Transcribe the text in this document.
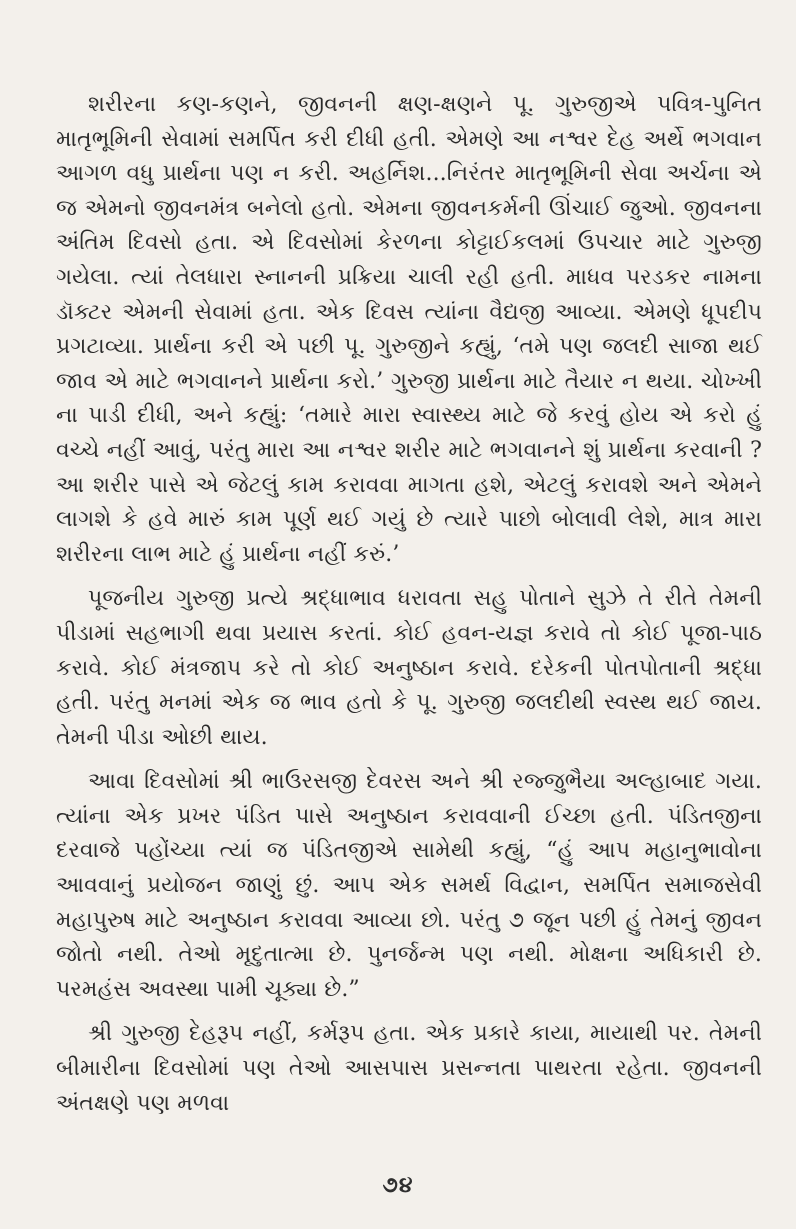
શરીરના કણ-કણને, જીવનની ક્ષણ-ક્ષણને પૂ. ગુરુજીએ પવિત્ર-પુનિત માતૃભૂમિની સેવામાં સમર્પિત કરી દીધી હતી. એમણે આ નશ્વર દેહ અર્થે ભગવાન આગળ વધુ પ્રાર્થના પણ ન કરી. અહર્નિશ...નિરંતર માતૃભૂમિની સેવા અર્ચના એ જ એમનો જીવનમંત્ર બનેલો હતો. એમના જીવનકર્મની ઊંચાઈ જુઓ. જીવનના અંતિમ દિવસો હતા. એ દિવસોમાં કેરળના કોટ્ટાઈકલમાં ઉપચાર માટે ગુરુજી ગયેલા. ત્યાં તેલધારા સ્નાનની પ્રક્રિયા ચાલી રહી હતી. માધવ પરડકર નામના ડૉક્ટર એમની સેવામાં હતા. એક દિવસ ત્યાંના વૈદ્યજી આવ્યા. એમણે ધૂપદીપ પ્રગટાવ્યા. પ્રાર્થના કરી એ પછી પૂ. ગુરુજીને કહ્યું, ‘તમે પણ જલદી સાજા થઈ જાવ એ માટે ભગવાનને પ્રાર્થના કરો.’ ગુરુજી પ્રાર્થના માટે તૈયાર ન થયા. ચોખ્ખી ના પાડી દીધી, અને કહ્યું: ‘તમારે મારા સ્વાસ્થ્ય માટે જે કરવું હોય એ કરો હું વચ્ચે નહીં આવું, પરંતુ મારા આ નશ્વર શરીર માટે ભગવાનને શું પ્રાર્થના કરવાની ? આ શરીર પાસે એ જેટલું કામ કરાવવા માગતા હશે, એટલું કરાવશે અને એમને લાગશે કે હવે મારું કામ પૂર્ણ થઈ ગયું છે ત્યારે પાછો બોલાવી લેશે, માત્ર મારા શરીરના લાભ માટે હું પ્રાર્થના નહીં કરું.’

પૂજનીય ગુરુજી પ્રત્યે શ્રદ્ધાભાવ ધરાવતા સહુ પોતાને સુઝે તે રીતે તેમની પીડામાં સહભાગી થવા પ્રયાસ કરતાં. કોઈ હવન-યજ્ઞ કરાવે તો કોઈ પૂજા-પાઠ કરાવે. કોઈ મંત્રજાપ કરે તો કોઈ અનુષ્ઠાન કરાવે. દરેકની પોતપોતાની શ્રદ્ધા હતી. પરંતુ મનમાં એક જ ભાવ હતો કે પૂ. ગુરુજી જલદીથી સ્વસ્થ થઈ જાય. તેમની પીડા ઓછી થાય.

આવા દિવસોમાં શ્રી ભાઉરસજી દેવરસ અને શ્રી રજ્જુભૈયા અલ્હાબાદ ગયા. ત્યાંના એક પ્રખર પંડિત પાસે અનુષ્ઠાન કરાવવાની ઈચ્છા હતી. પંડિતજીના દરવાજે પહોંચ્યા ત્યાં જ પંડિતજીએ સામેથી કહ્યું, “હું આપ મહાનુભાવોના આવવાનું પ્રયોજન જાણું છું. આપ એક સમર્થ વિદ્વાન, સમર્પિત સમાજસેવી મહાપુરુષ માટે અનુષ્ઠાન કરાવવા આવ્યા છો. પરંતુ ૭ જૂન પછી હું તેમનું જીવન જોતો નથી. તેઓ મૃદુતાત્મા છે. પુનર્જન્મ પણ નથી. મોક્ષના અધિકારી છે. પરમહંસ અવસ્થા પામી ચૂક્યા છે.”

શ્રી ગુરુજી દેહરૂપ નહીં, કર્મરૂપ હતા. એક પ્રકારે કાયા, માયાથી પર. તેમની બીમારીના દિવસોમાં પણ તેઓ આસપાસ પ્રસન્નતા પાથરતા રહેતા. જીવનની અંતક્ષણે પણ મળવા

૭૪
